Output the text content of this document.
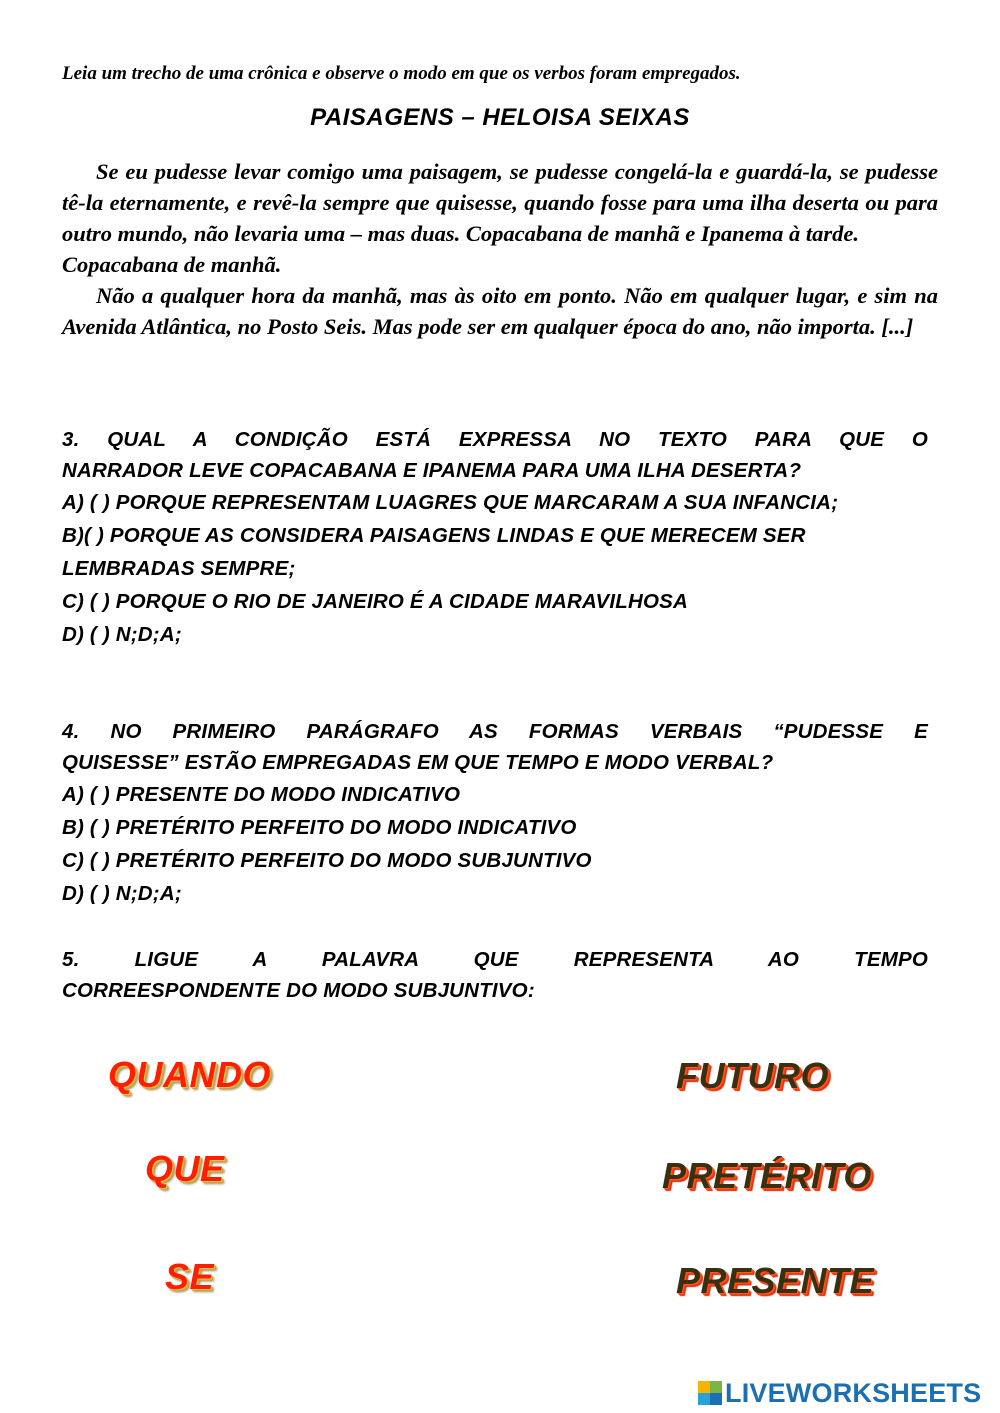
Leia um trecho de uma crônica e observe o modo em que os verbos foram empregados.
PAISAGENS – HELOISA SEIXAS

Se eu pudesse levar comigo uma paisagem, se pudesse congelá-la e guardá-la, se pudesse tê-la eternamente, e revê-la sempre que quisesse, quando fosse para uma ilha deserta ou para outro mundo, não levaria uma – mas duas. Copacabana de manhã e Ipanema à tarde.

Copacabana de manhã.

Não a qualquer hora da manhã, mas às oito em ponto. Não em qualquer lugar, e sim na Avenida Atlântica, no Posto Seis. Mas pode ser em qualquer época do ano, não importa. [...]

3. QUAL A CONDIÇÃO ESTÁ EXPRESSA NO TEXTO PARA QUE O
NARRADOR LEVE COPACABANA E IPANEMA PARA UMA ILHA DESERTA?
A) ( ) PORQUE REPRESENTAM LUAGRES QUE MARCARAM A SUA INFANCIA;
B)( ) PORQUE AS CONSIDERA PAISAGENS LINDAS E QUE MERECEM SER LEMBRADAS SEMPRE;
C) ( ) PORQUE O RIO DE JANEIRO É A CIDADE MARAVILHOSA
D) ( ) N;D;A;
4. NO PRIMEIRO PARÁGRAFO AS FORMAS VERBAIS “PUDESSE E
QUISESSE” ESTÃO EMPREGADAS EM QUE TEMPO E MODO VERBAL?
A) ( ) PRESENTE DO MODO INDICATIVO
B) ( ) PRETÉRITO PERFEITO DO MODO INDICATIVO
C) ( ) PRETÉRITO PERFEITO DO MODO SUBJUNTIVO
D) ( ) N;D;A;
5. LIGUE A PALAVRA QUE REPRESENTA AO TEMPO
CORREESPONDENTE DO MODO SUBJUNTIVO:
QUANDO
QUE
SE
FUTURO
PRETÉRITO
PRESENTE
LIVEWORKSHEETS
